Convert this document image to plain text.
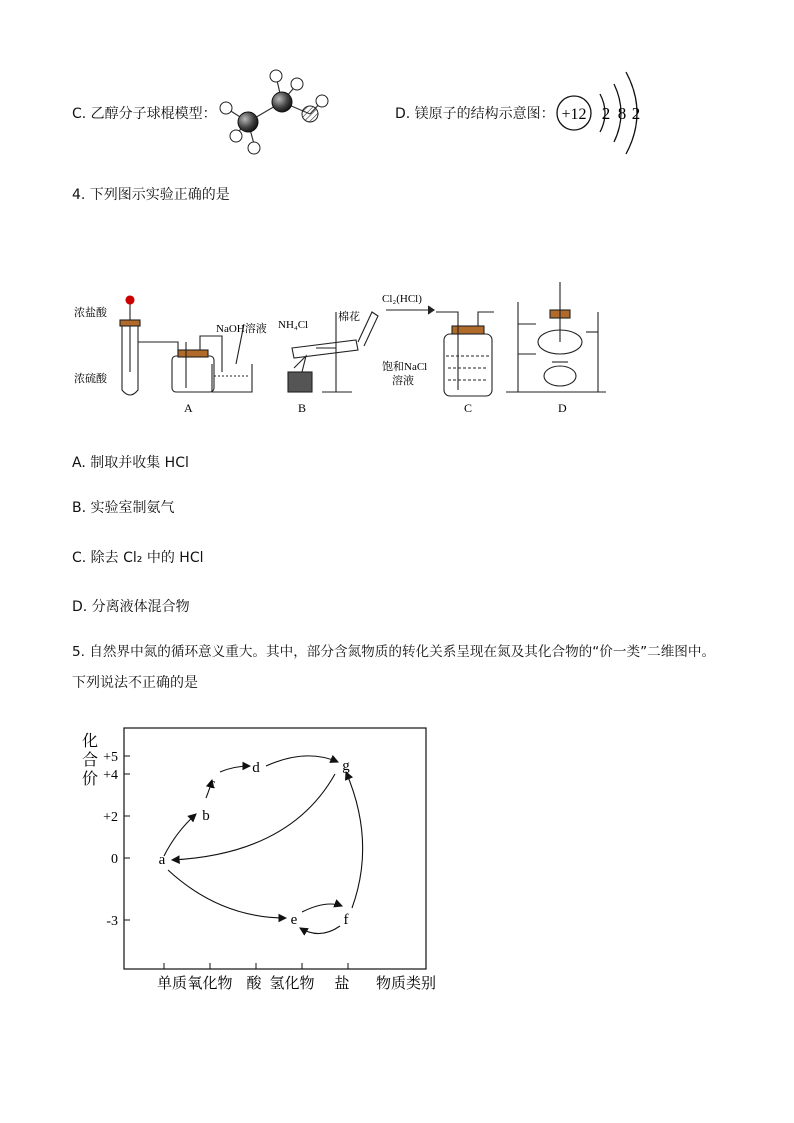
C. 乙醇分子球棍模型：	D. 镁原子的结构示意图： +12 2 8 2
4. 下列图示实验正确的是
浓盐酸
浓硫酸
NaOH溶液
A
NH₄Cl
棉花
B
Cl₂(HCl)
饱和NaCl
溶液
C	D
A. 制取并收集 HCl
B. 实验室制氨气
C. 除去 Cl₂ 中的 HCl
D. 分离液体混合物
5. 自然界中氮的循环意义重大。其中，部分含氮物质的转化关系呈现在氮及其化合物的“价一类”二维图中。
下列说法不正确的是
化
合
价
+5
+4
+2
0
-3
单质 氧化物 酸 氢化物 盐 物质类别
a
b
c
d	g
e	f
